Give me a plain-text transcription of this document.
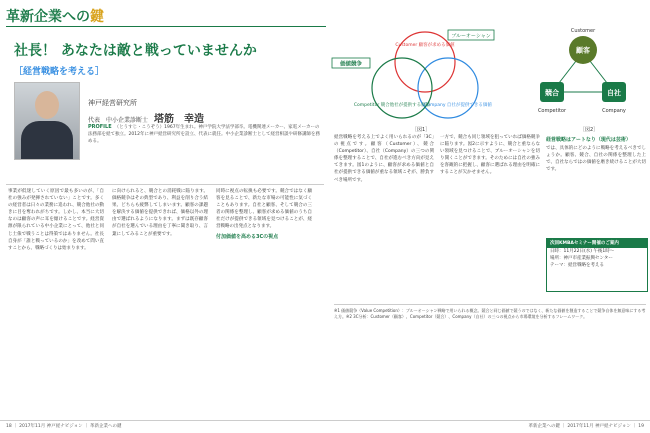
革新企業への鍵
社長！ あなたは敵と戦っていませんか
［経営戦略を考える］
神戸経営研究所
代表　中小企業診断士 塔筋　幸造
PROFILE （とうすじ・こうぞう）1967年生まれ。神戸学院大学法学部卒。電機関連メーカー、家電メーカーの法務部を経て独立。2012年に神戸経営研究所を設立、代表に就任。中小企業診断士として経営相談や研修講師を務める。
事業が低迷していく原因で最も多いのが、「自社の強みが発揮されていない」ことです。多くの経営者は日々の業務に追われ、競合他社の動きに目を奪われがちです。しかし、本当に大切なのは顧客の声に耳を傾けることです。経営資源が限られている中小企業にとって、他社と同じ土俵で戦うことは得策ではありません。社長自身が「誰と戦っているのか」を改めて問い直すことから、戦略づくりは始まります。
に向けられると、競合との消耗戦に陥ります。価格競争はその典型であり、利益を削り合う結果、どちらも疲弊してしまいます。顧客の課題を解決する価値を提供できれば、価格以外の理由で選ばれるようになります。まずは既存顧客が自社を選んでいる理由を丁寧に聞き取り、言葉にしてみることが重要です。
同時に視点の転換も必要です。競合ではなく顧客を見ることで、新たな市場の可能性に気づくこともあります。自社と顧客、そして競合の三者の関係を整理し、顧客が求める価値のうち自社だけが提供できる領域を見つけることが、経営戦略の出発点となります。
付加価値を高める3Cの視点
価値競争
ブルーオーシャン
Customer 顧客が求める価値
Company 自社が提供できる価値
Competitor 競合他社が提供する価値
［図1］
顧客
Customer
競合
Competitor
自社
Company
［図2］
経営戦略を考える上でよく用いられるのが「3C」の視点です。顧客（Customer）、競合（Competitor）、自社（Company）の三つの関係を整理することで、自社が進むべき方向が見えてきます。図1のように、顧客が求める価値と自社が提供できる価値が重なる領域こそが、勝負すべき場所です。
一方で、競合も同じ領域を狙っていれば価格競争に陥ります。図2に示すように、競合と重ならない領域を見つけることで、ブルーオーシャンを切り開くことができます。そのためには自社の強みを客観的に把握し、顧客に選ばれる理由を明確にすることが欠かせません。
経営戦略はアートなり（現代は芸術）
では、具体的にどのように戦略を考えるべきでしょうか。顧客、競合、自社の関係を整理した上で、自社ならではの価値を磨き続けることが大切です。
次回KMBAセミナー開催のご案内
日時：11月22日(水) 午後1時〜
場所：神戸市産業振興センター
テーマ：経営戦略を考える
※1 価値競争（Value Competition）：ブルーオーシャン戦略で用いられる概念。競合と同じ価値で競うのではなく、新たな価値を創造することで競争自体を無意味にする考え方。※2 3C分析：Customer（顧客）、Competitor（競合）、Company（自社）の三つの視点から市場環境を分析するフレームワーク。
18 ｜ 2017年11月 神戸経ナビジョン ｜ 革新企業への鍵	革新企業への鍵 ｜ 2017年11月 神戸経ナビジョン ｜ 19
